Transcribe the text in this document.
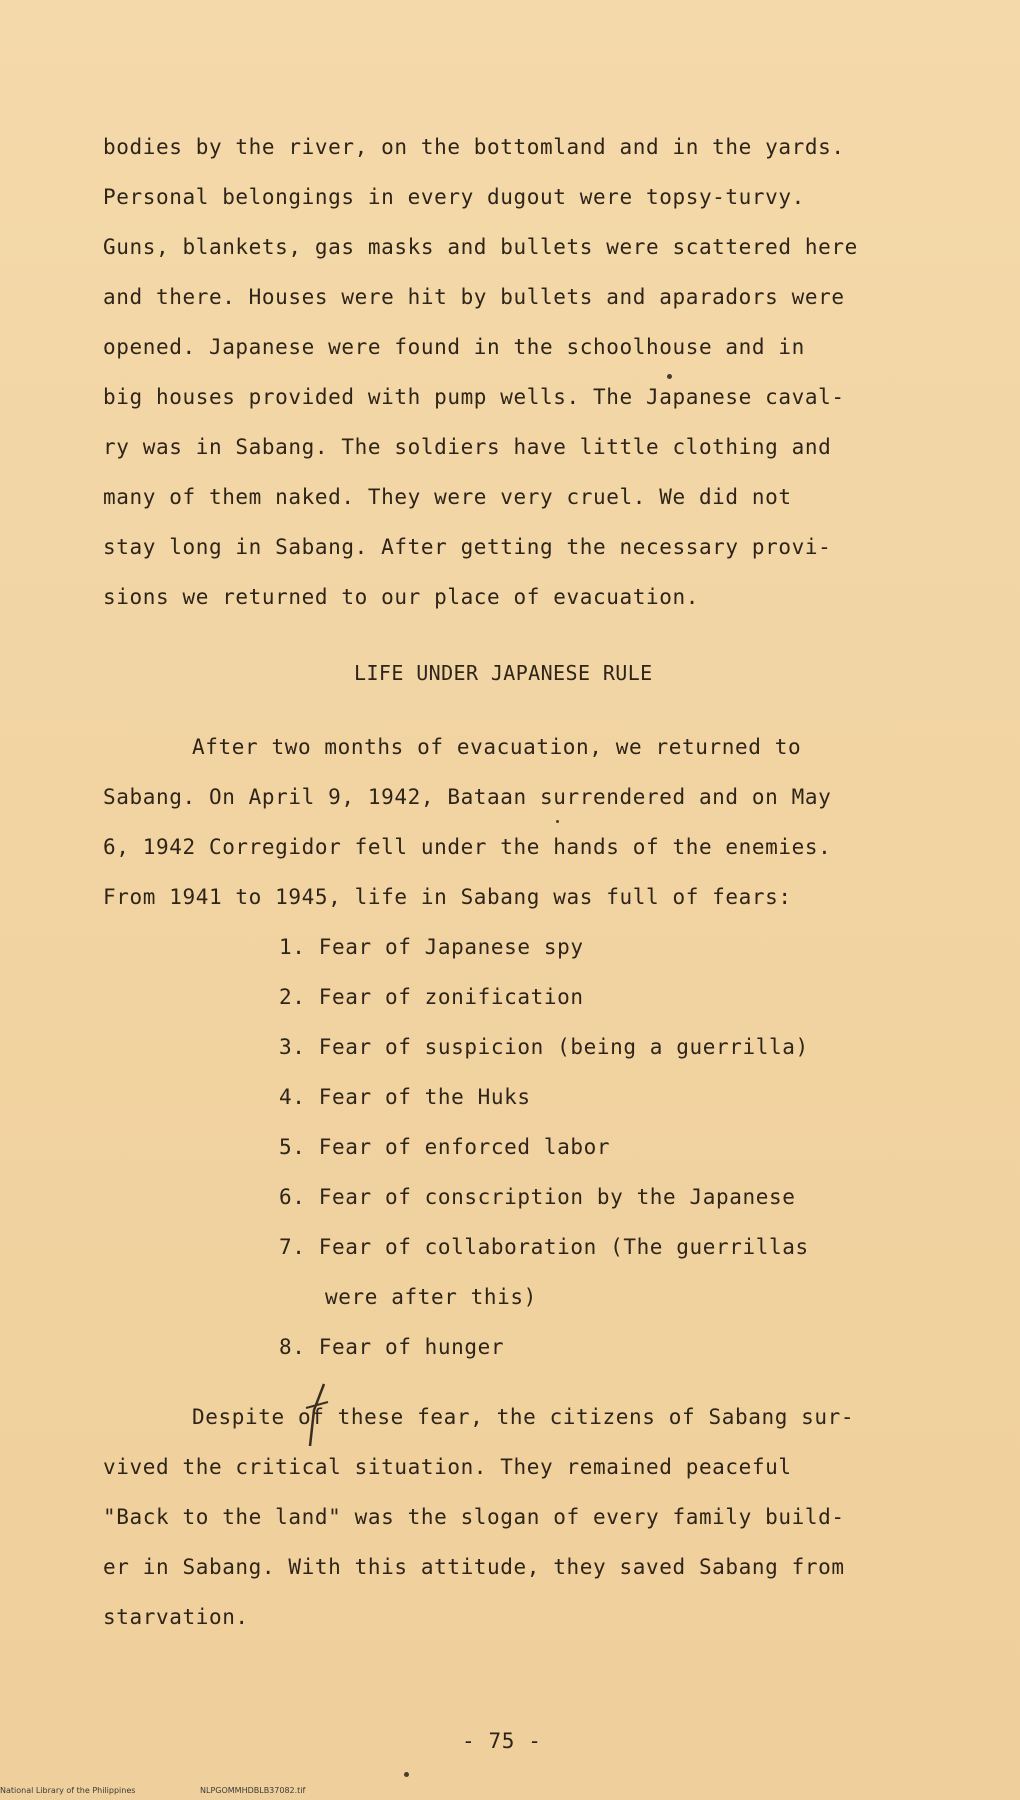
bodies by the river, on the bottomland and in the yards.
Personal belongings in every dugout were topsy-turvy.
Guns, blankets, gas masks and bullets were scattered here
and there. Houses were hit by bullets and aparadors were
opened. Japanese were found in the schoolhouse and in
big houses provided with pump wells. The Japanese caval-
ry was in Sabang. The soldiers have little clothing and
many of them naked. They were very cruel. We did not
stay long in Sabang. After getting the necessary provi-
sions we returned to our place of evacuation.
LIFE UNDER JAPANESE RULE
After two months of evacuation, we returned to
Sabang. On April 9, 1942, Bataan surrendered and on May
6, 1942 Corregidor fell under the hands of the enemies.
From 1941 to 1945, life in Sabang was full of fears:
1. Fear of Japanese spy
2. Fear of zonification
3. Fear of suspicion (being a guerrilla)
4. Fear of the Huks
5. Fear of enforced labor
6. Fear of conscription by the Japanese
7. Fear of collaboration (The guerrillas
were after this)
8. Fear of hunger
Despite of these fear, the citizens of Sabang sur-
vived the critical situation. They remained peaceful
"Back to the land" was the slogan of every family build-
er in Sabang. With this attitude, they saved Sabang from
starvation.
- 75 -
National Library of the Philippines	NLPGOMMHDBLB37082.tif
